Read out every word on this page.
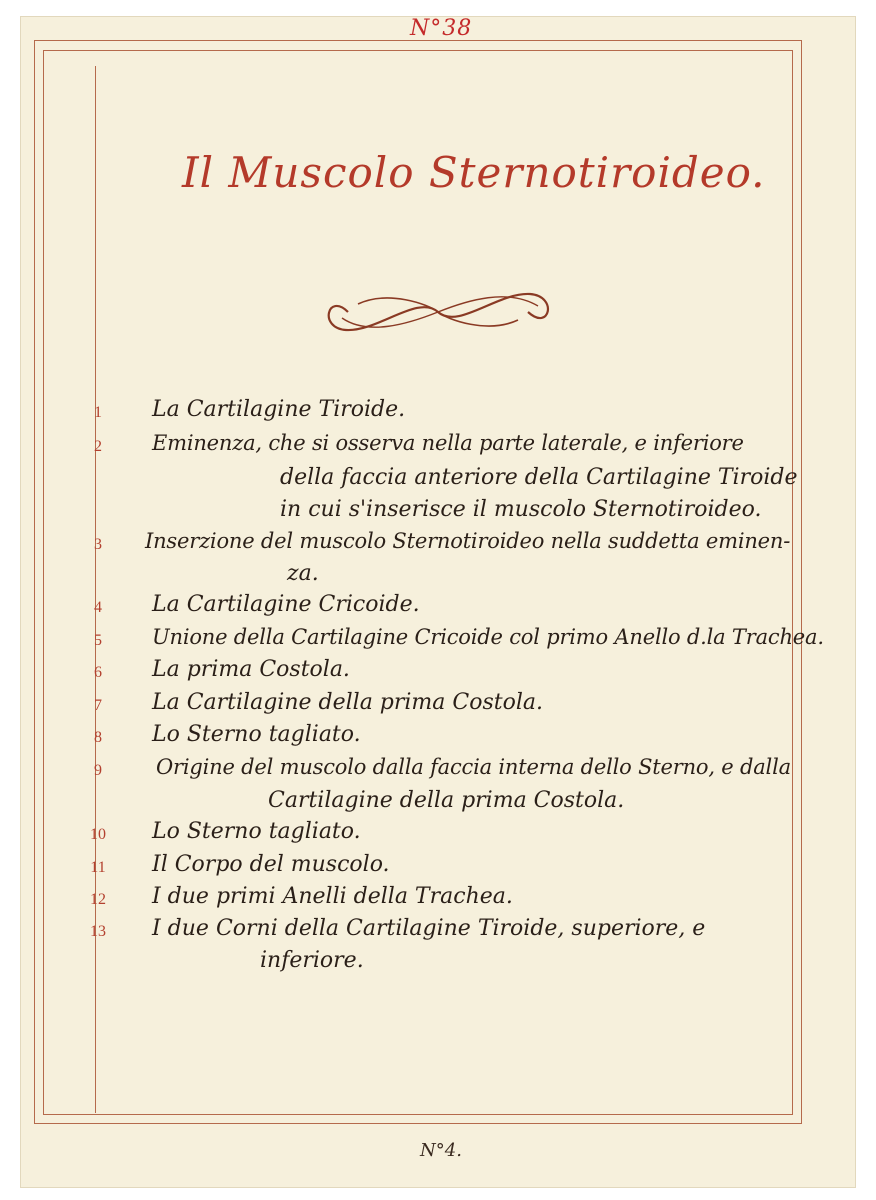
N°38
Il Muscolo Sternotiroideo.
1	La Cartilagine Tiroide.
2	Eminenza, che si osserva nella parte laterale, e inferiore
della faccia anteriore della Cartilagine Tiroide
in cui s'inserisce il muscolo Sternotiroideo.
3	Inserzione del muscolo Sternotiroideo nella suddetta eminen-
za.
4	La Cartilagine Cricoide.
5	Unione della Cartilagine Cricoide col primo Anello d.la Trachea.
6	La prima Costola.
7	La Cartilagine della prima Costola.
8	Lo Sterno tagliato.
9	Origine del muscolo dalla faccia interna dello Sterno, e dalla
Cartilagine della prima Costola.
10 Lo Sterno tagliato.
11 Il Corpo del muscolo.
12 I due primi Anelli della Trachea.
13 I due Corni della Cartilagine Tiroide, superiore, e
inferiore.
N°4.
